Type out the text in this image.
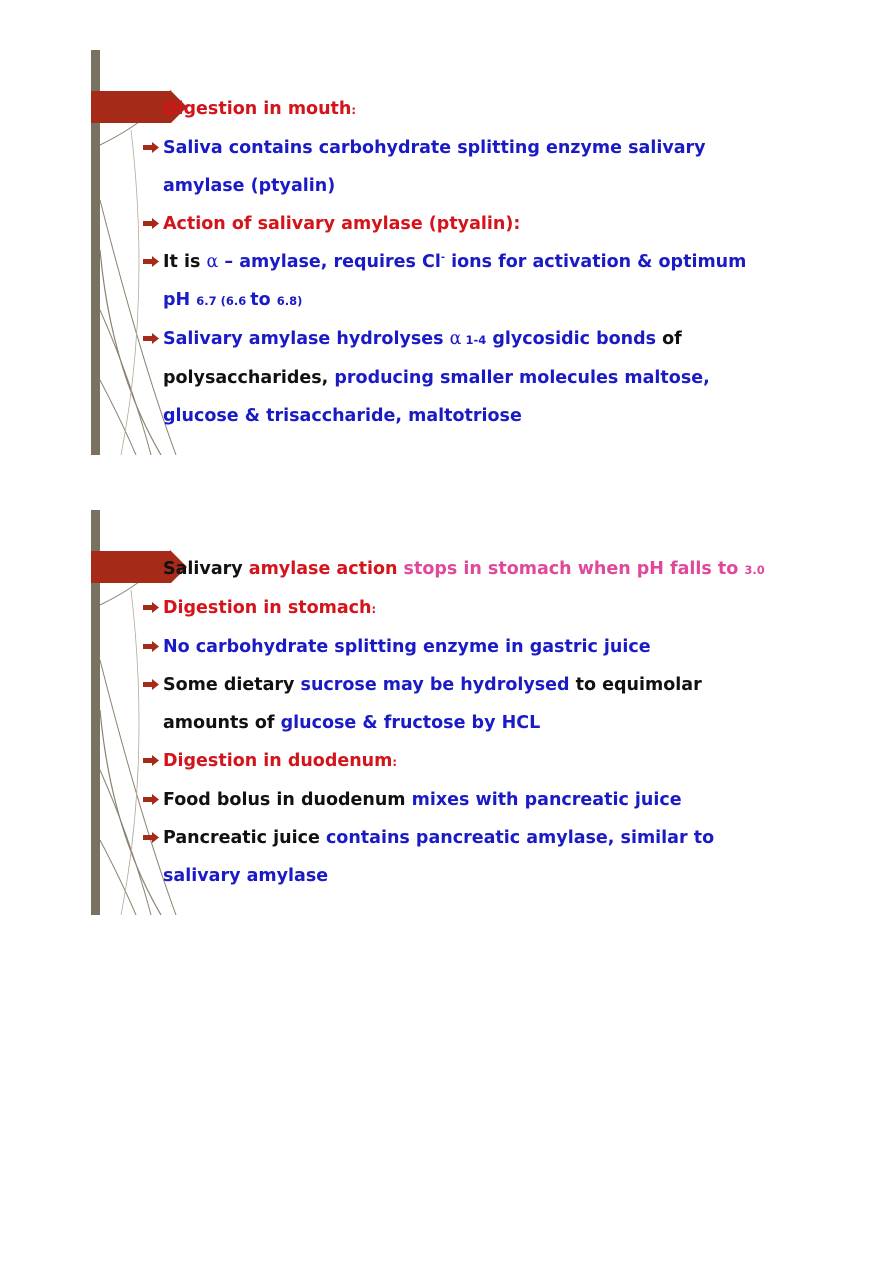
Digestion in mouth:
Saliva contains carbohydrate splitting enzyme salivary
amylase (ptyalin)
Action of salivary amylase (ptyalin):
It is α – amylase, requires Cl- ions for activation & optimum
pH 6.7 (6.6 to 6.8)
Salivary amylase hydrolyses α 1-4 glycosidic bonds of
polysaccharides, producing smaller molecules maltose,
glucose & trisaccharide, maltotriose
Salivary amylase action stops in stomach when pH falls to 3.0
Digestion in stomach:
No carbohydrate splitting enzyme in gastric juice
Some dietary sucrose may be hydrolysed to equimolar
amounts of glucose & fructose by HCL
Digestion in duodenum:
Food bolus in duodenum mixes with pancreatic juice
Pancreatic juice contains pancreatic amylase, similar to
salivary amylase
